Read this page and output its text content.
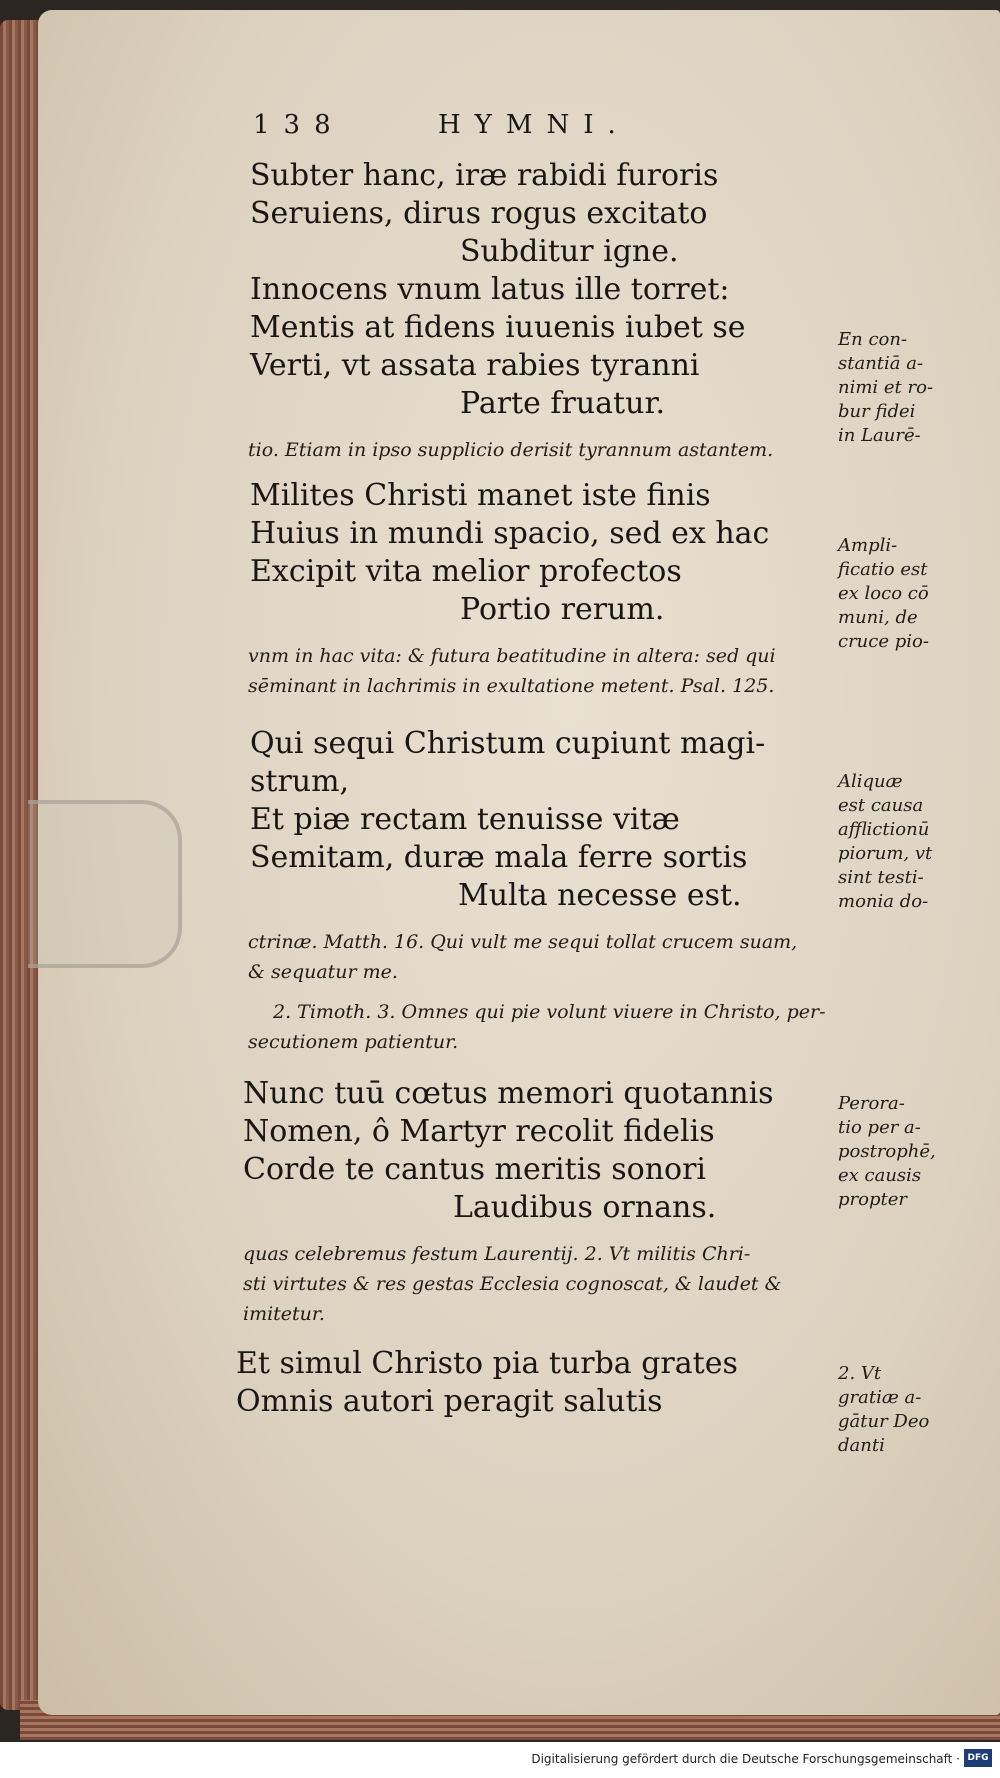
138	HYMNI.
Subter hanc, iræ rabidi furoris
Seruiens, dirus rogus excitato
Subditur igne.
Innocens vnum latus ille torret:
Mentis at fidens iuuenis iubet se
Verti, vt assata rabies tyranni
Parte fruatur.
tio. Etiam in ipso supplicio derisit tyrannum astantem.
Milites Christi manet iste finis
Huius in mundi spacio, sed ex hac
Excipit vita melior profectos
Portio rerum.
vnm in hac vita: & futura beatitudine in altera: sed qui
sēminant in lachrimis in exultatione metent. Psal. 125.
Qui sequi Christum cupiunt magi-
strum,
Et piæ rectam tenuisse vitæ
Semitam, duræ mala ferre sortis
Multa necesse est.
ctrinæ. Matth. 16. Qui vult me sequi tollat crucem suam,
& sequatur me.
2. Timoth. 3. Omnes qui pie volunt viuere in Christo, per-
secutionem patientur.
Nunc tuū cœtus memori quotannis
Nomen, ô Martyr recolit fidelis
Corde te cantus meritis sonori
Laudibus ornans.
quas celebremus festum Laurentij. 2. Vt militis Chri-
sti virtutes & res gestas Ecclesia cognoscat, & laudet &
imitetur.
Et simul Christo pia turba grates
Omnis autori peragit salutis
En con-
stantiā a-
nimi et ro-
bur fidei
in Laurē-
Ampli-
ficatio est
ex loco cō
muni, de
cruce pio-
Aliquæ
est causa
afflictionū
piorum, vt
sint testi-
monia do-
Perora-
tio per a-
postrophē,
ex causis
propter
2. Vt
gratiæ a-
gātur Deo
danti
Digitalisierung gefördert durch die Deutsche Forschungsgemeinschaft · DFG
